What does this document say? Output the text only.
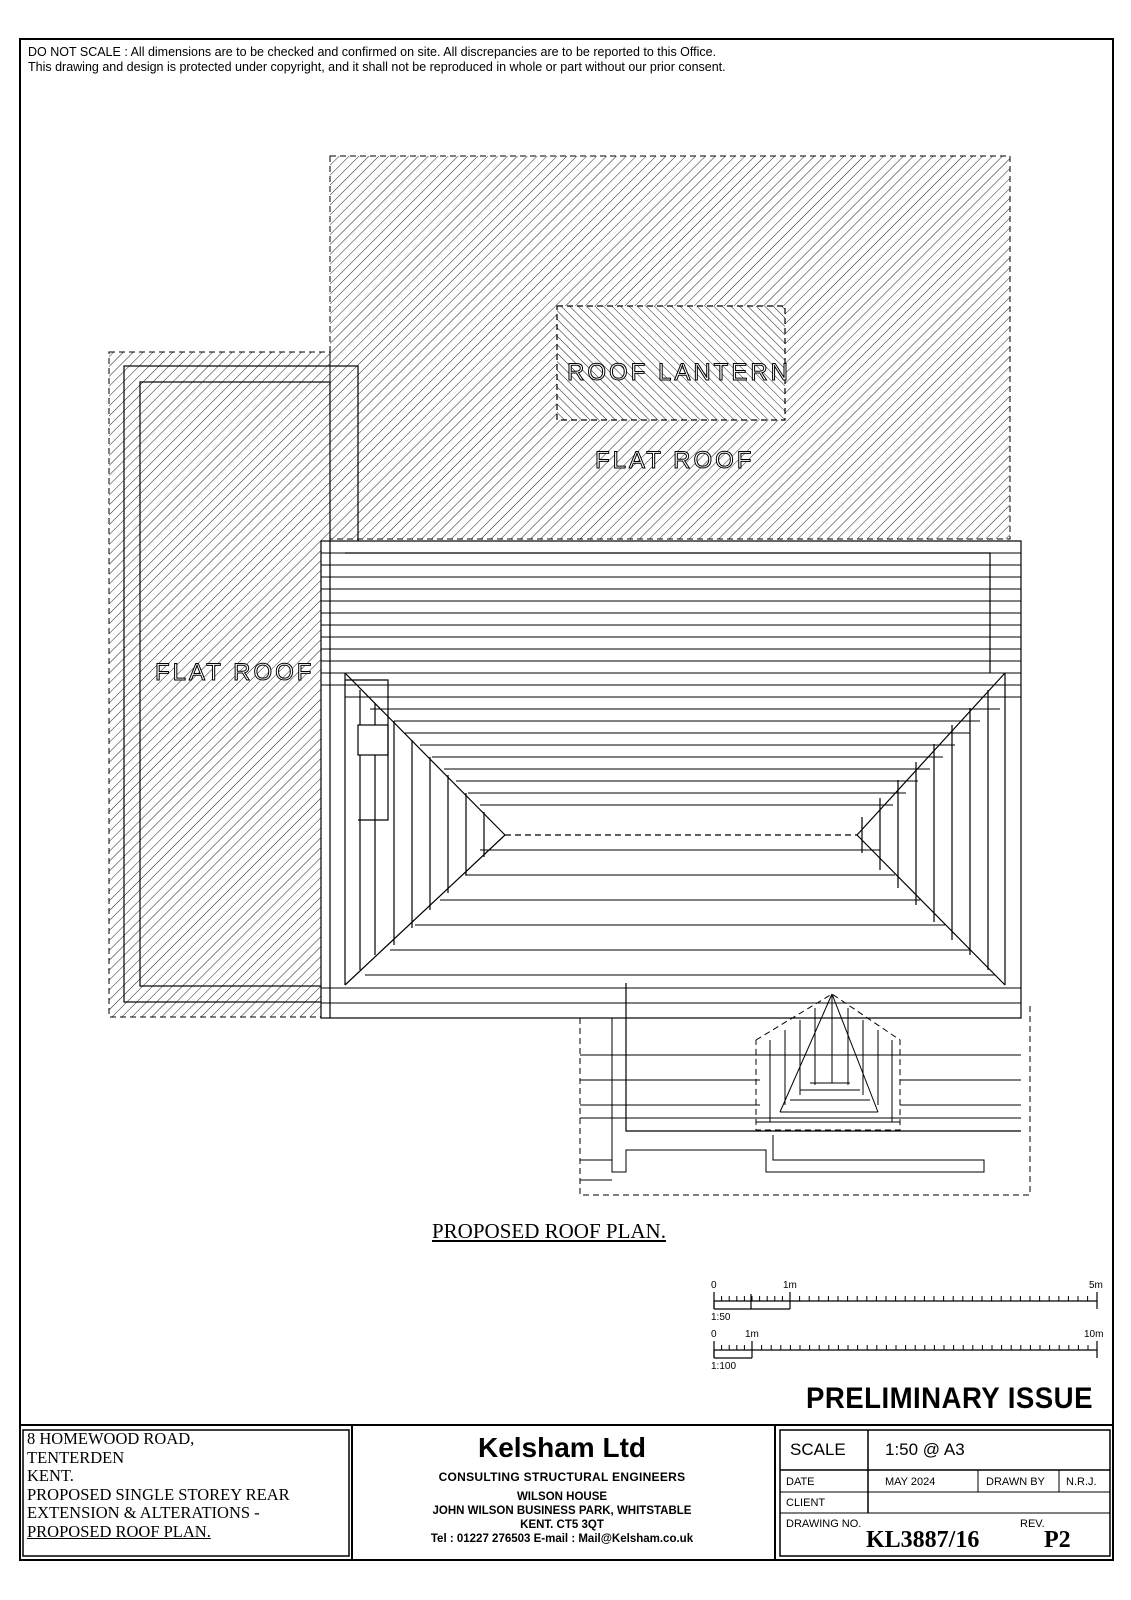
DO NOT SCALE : All dimensions are to be checked and confirmed on site. All discrepancies are to be reported to this Office.
This drawing and design is protected under copyright, and it shall not be reproduced in whole or part without our prior consent.
ROOF LANTERN
FLAT ROOF
FLAT ROOF
PROPOSED ROOF PLAN.
0	1m	5m
1:50
0	1m	10m
1:100
PRELIMINARY ISSUE
8 HOMEWOOD ROAD,
TENTERDEN
KENT.
PROPOSED SINGLE STOREY REAR
EXTENSION & ALTERATIONS -
PROPOSED ROOF PLAN.
Kelsham Ltd
CONSULTING STRUCTURAL ENGINEERS
WILSON HOUSE
JOHN WILSON BUSINESS PARK, WHITSTABLE
KENT. CT5 3QT
Tel : 01227 276503 E-mail : Mail@Kelsham.co.uk
SCALE 1:50 @ A3
DATE	MAY 2024	DRAWN BY N.R.J.
CLIENT
DRAWING NO.	REV.
KL3887/16	P2
